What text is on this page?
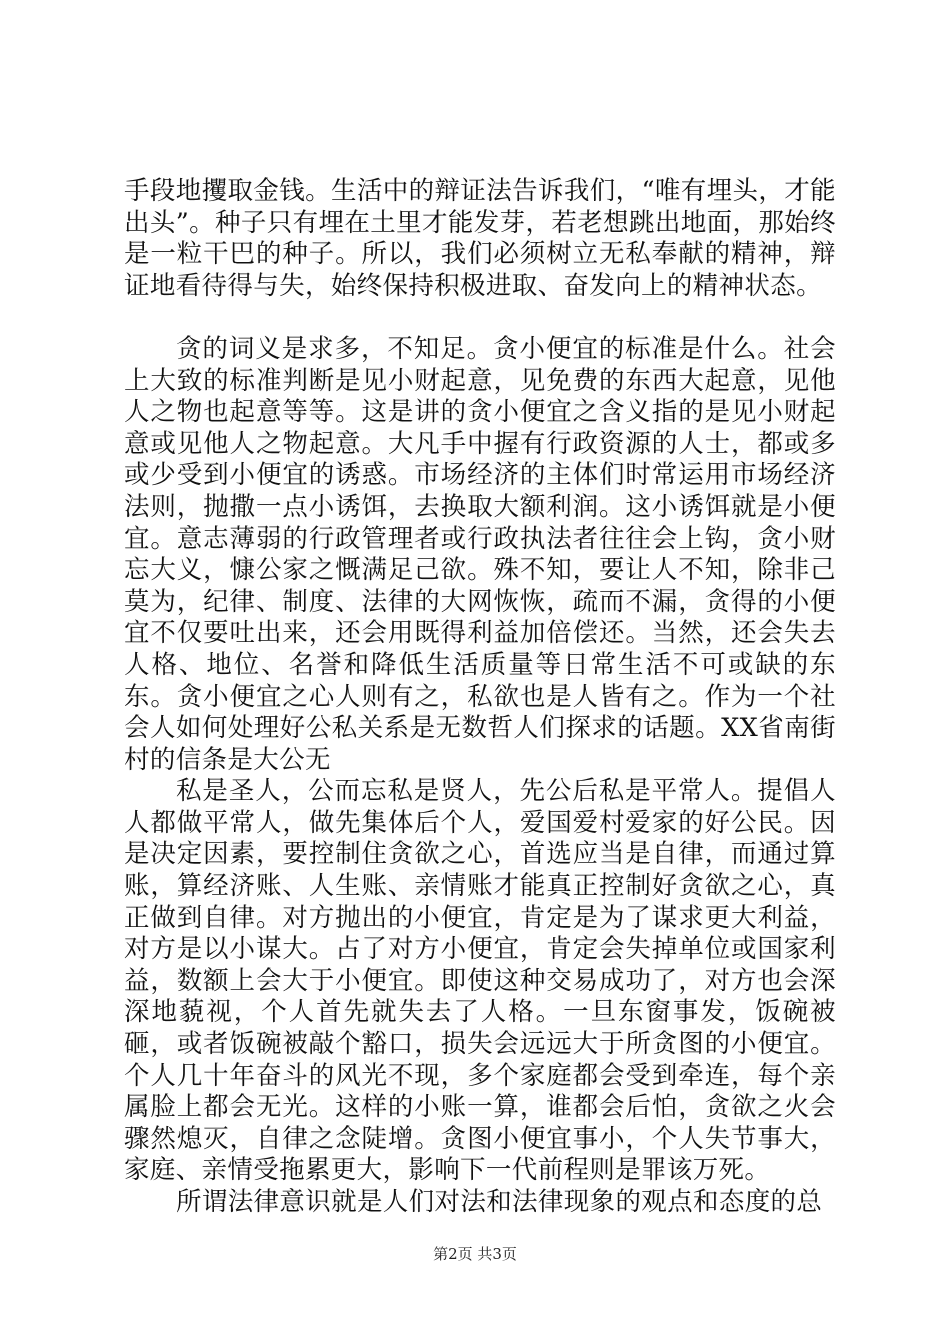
手段地攫取金钱。生活中的辩证法告诉我们，“唯有埋头，才能出头”。种子只有埋在土里才能发芽，若老想跳出地面，那始终是一粒干巴的种子。所以，我们必须树立无私奉献的精神，辩证地看待得与失，始终保持积极进取、奋发向上的精神状态。

贪的词义是求多，不知足。贪小便宜的标准是什么。社会上大致的标准判断是见小财起意，见免费的东西大起意，见他人之物也起意等等。这是讲的贪小便宜之含义指的是见小财起意或见他人之物起意。大凡手中握有行政资源的人士，都或多或少受到小便宜的诱惑。市场经济的主体们时常运用市场经济法则，抛撒一点小诱饵，去换取大额利润。这小诱饵就是小便宜。意志薄弱的行政管理者或行政执法者往往会上钩，贪小财忘大义，慷公家之慨满足己欲。殊不知，要让人不知，除非己莫为，纪律、制度、法律的大网恢恢，疏而不漏，贪得的小便宜不仅要吐出来，还会用既得利益加倍偿还。当然，还会失去人格、地位、名誉和降低生活质量等日常生活不可或缺的东东。贪小便宜之心人则有之，私欲也是人皆有之。作为一个社会人如何处理好公私关系是无数哲人们探求的话题。XX省南街村的信条是大公无

私是圣人，公而忘私是贤人，先公后私是平常人。提倡人人都做平常人，做先集体后个人，爱国爱村爱家的好公民。因是决定因素，要控制住贪欲之心，首选应当是自律，而通过算账，算经济账、人生账、亲情账才能真正控制好贪欲之心，真正做到自律。对方抛出的小便宜，肯定是为了谋求更大利益，对方是以小谋大。占了对方小便宜，肯定会失掉单位或国家利益，数额上会大于小便宜。即使这种交易成功了，对方也会深深地藐视，个人首先就失去了人格。一旦东窗事发，饭碗被砸，或者饭碗被敲个豁口，损失会远远大于所贪图的小便宜。个人几十年奋斗的风光不现，多个家庭都会受到牵连，每个亲属脸上都会无光。这样的小账一算，谁都会后怕，贪欲之火会骤然熄灭，自律之念陡增。贪图小便宜事小，个人失节事大，家庭、亲情受拖累更大，影响下一代前程则是罪该万死。

所谓法律意识就是人们对法和法律现象的观点和态度的总

第2页 共3页
